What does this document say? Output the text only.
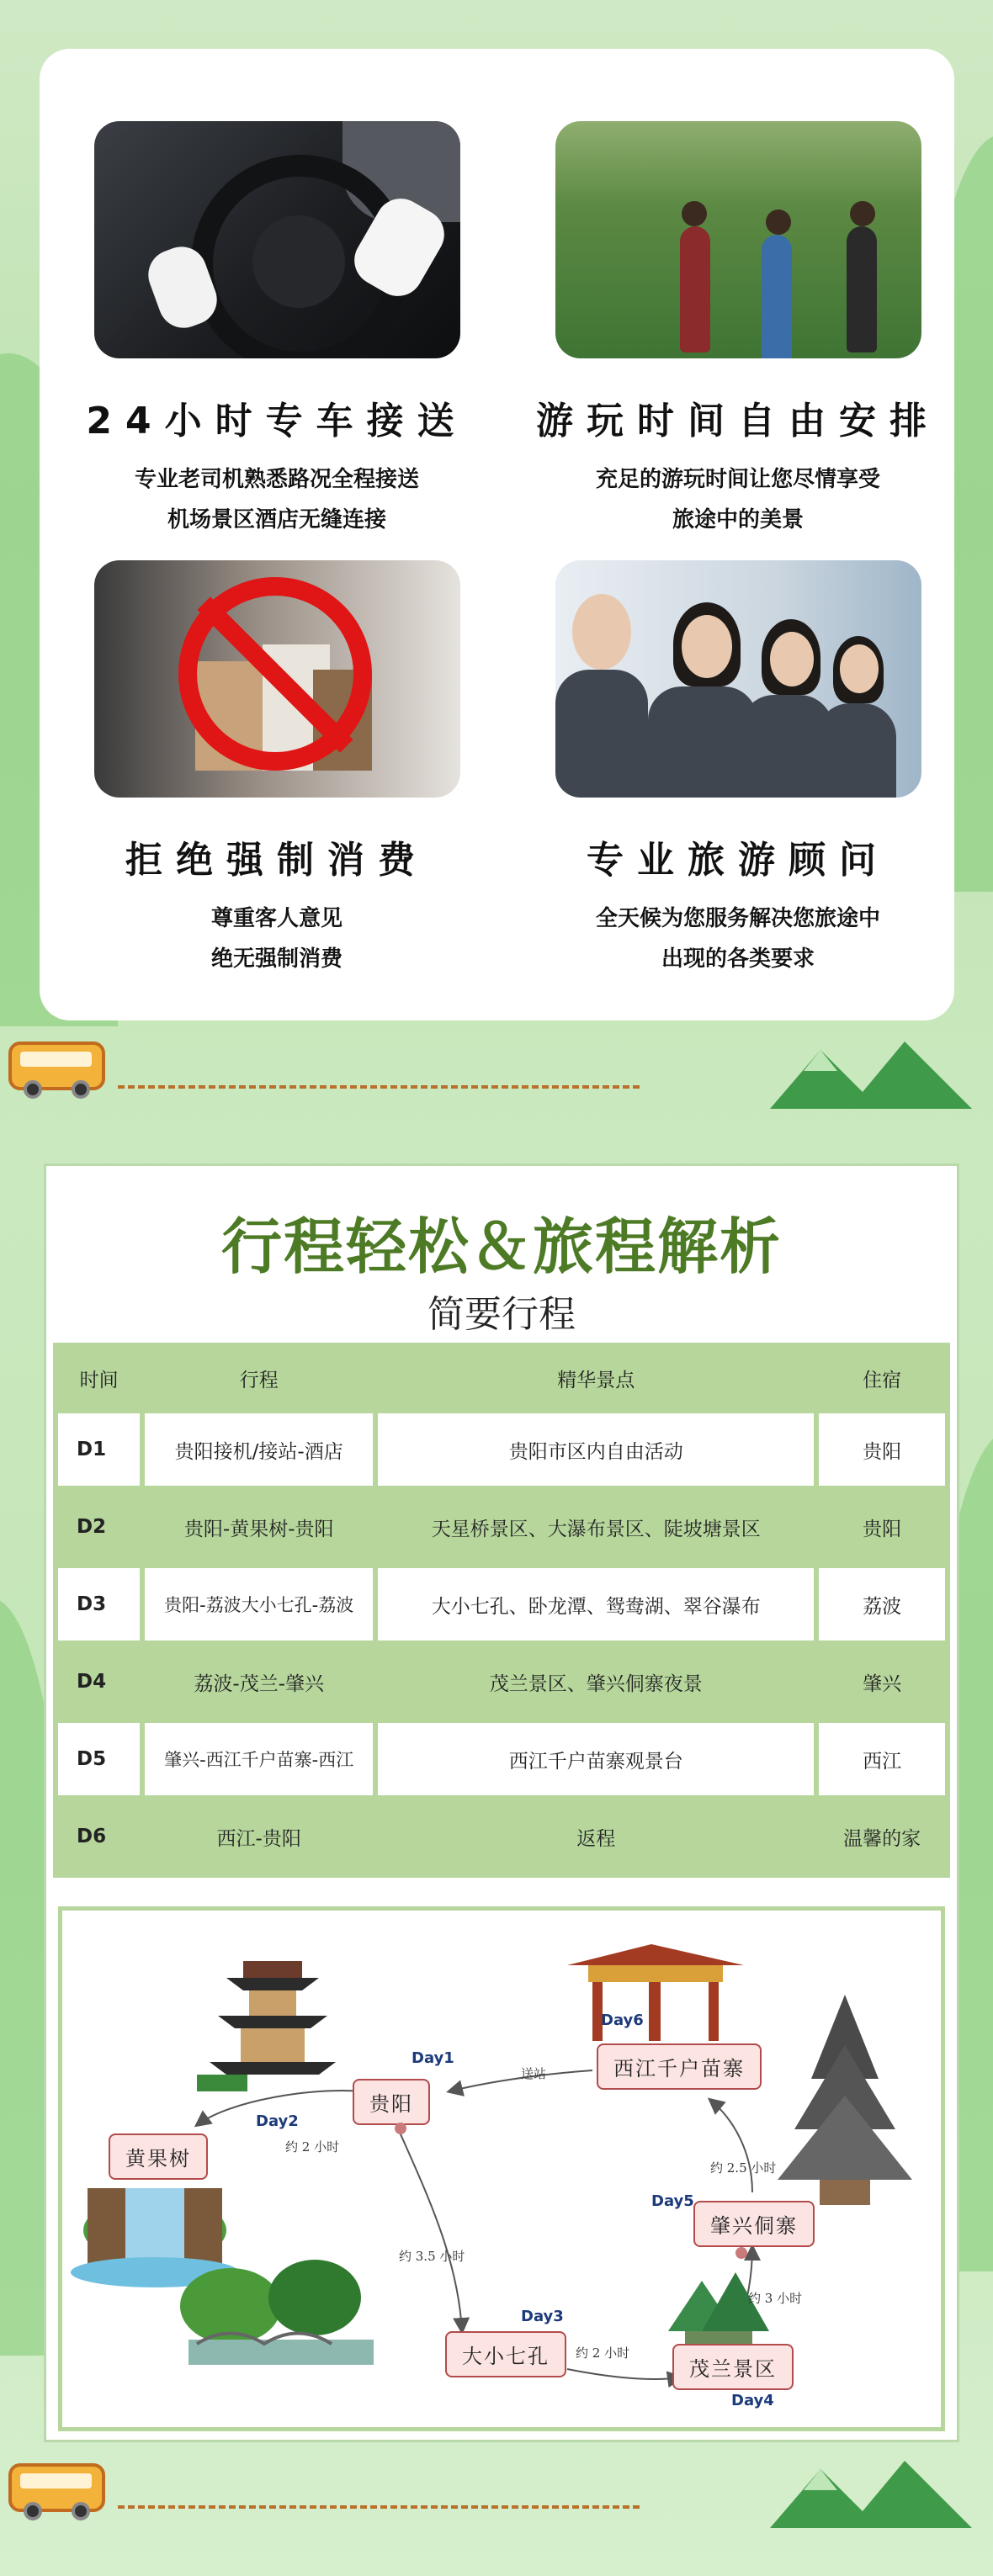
24小时专车接送
专业老司机熟悉路况全程接送
机场景区酒店无缝连接
游玩时间自由安排
充足的游玩时间让您尽情享受
旅途中的美景
拒绝强制消费
尊重客人意见
绝无强制消费
专业旅游顾问
全天候为您服务解决您旅途中
出现的各类要求
行程轻松＆旅程解析
简要行程
时间	行程	精华景点	住宿
D1	贵阳接机/接站-酒店	贵阳市区内自由活动	贵阳
D2	贵阳-黄果树-贵阳	天星桥景区、大瀑布景区、陡坡塘景区	贵阳
D3	贵阳-荔波大小七孔-荔波	大小七孔、卧龙潭、鸳鸯湖、翠谷瀑布	荔波
D4	荔波-茂兰-肇兴	茂兰景区、肇兴侗寨夜景	肇兴
D5	肇兴-西江千户苗寨-西江	西江千户苗寨观景台	西江
D6	西江-贵阳	返程	温馨的家
贵阳
黄果树
西江千户苗寨
肇兴侗寨
大小七孔
茂兰景区
Day1
Day2
Day3
Day4
Day5
Day6
送站
约 2 小时
约 3.5 小时
约 2 小时
约 3 小时
约 2.5 小时
